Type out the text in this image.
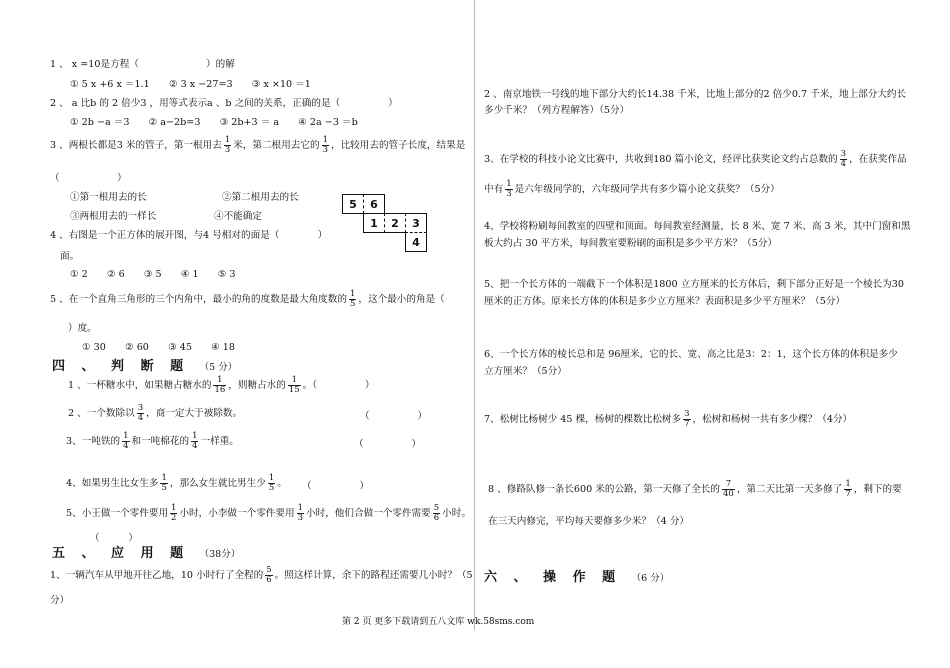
1 、 x =10是方程（　　　　　　　）的解
① 5 x +6 x ＝1.1　　② 3 x −27=3　　③ x ×10 ＝1
2 、 a 比b 的 2 倍少3 ，用等式表示a 、b 之间的关系，正确的是（　　　　　）
① 2b −a ＝3　　② a−2b=3　　③ 2b+3 ＝ a　　④ 2a −3 ＝b
3 、两根长都是3 米的管子，第一根用去 $\frac{1}{3}$ 米，第二根用去它的 $\frac{1}{3}$ ，比较用去的管子长度，结果是
（　　　　　　）
①第一根用去的长	②第二根用去的长
③两根用去的一样长	④不能确定
4 、右图是一个正方体的展开图，与4 号相对的面是（　　　　）
面。
① 2　　② 6　　③ 5　　④ 1　　⑤ 3
5	6
1	2	3
4
5 、在一个直角三角形的三个内角中，最小的角的度数是最大角度数的 $\frac{1}{5}$ ，这个最小的角是（
）度。
① 30　　② 60　　③ 45　　④ 18
四 、 判 断 题 （5 分）
1 、一杯糖水中，如果糖占糖水的 $\frac{1}{16}$ ，则糖占水的 $\frac{1}{15}$ 。（　　　　　）
2 、一个数除以 $\frac{3}{4}$ ，商一定大于被除数。	（　　　　　）
3、一吨铁的 $\frac{1}{4}$ 和一吨棉花的 $\frac{1}{4}$ 一样重。	（　　　　　）
4、如果男生比女生多 $\frac{1}{5}$ ，那么女生就比男生少 $\frac{1}{5}$ 。 （　　　　　）
5、小王做一个零件要用 $\frac{1}{2}$ 小时，小李做一个零件要用 $\frac{1}{3}$ 小时，他们合做一个零件需要 $\frac{5}{6}$ 小时。
（　　　）
五 、 应 用 题 （38分）
1、一辆汽车从甲地开往乙地，10 小时行了全程的 $\frac{5}{6}$ 。照这样计算，余下的路程还需要几小时？（5
分）
2 、南京地铁一号线的地下部分大约长14.38 千米，比地上部分的2 倍少0.7 千米，地上部分大约长
多少千米？（列方程解答）（5分）
3、在学校的科技小论文比赛中，共收到180 篇小论文，经评比获奖论文约占总数的 $\frac{3}{4}$ ，在获奖作品
中有 $\frac{1}{3}$ 是六年级同学的，六年级同学共有多少篇小论文获奖？（5分）
4、学校将粉刷每间教室的四壁和顶面。每间教室经测量，长 8 米、宽 7 米、高 3 米，其中门窗和黑
板大约占 30 平方米，每间教室要粉刷的面积是多少平方米？（5分）
5、把一个长方体的一端截下一个体积是1800 立方厘米的长方体后，剩下部分正好是一个棱长为30
厘米的正方体。原来长方体的体积是多少立方厘米？表面积是多少平方厘米？（5分）
6、一个长方体的棱长总和是 96厘米，它的长、宽、高之比是3：2：1，这个长方体的体积是多少
立方厘米？（5分）
7、松树比杨树少 45 棵，杨树的棵数比松树多 $\frac{3}{7}$ ，松树和杨树一共有多少棵？（4分）
8 、修路队修一条长600 米的公路，第一天修了全长的 $\frac{7}{40}$ ，第二天比第一天多修了 $\frac{1}{7}$ ，剩下的要
在三天内修完，平均每天要修多少米？（4 分）
六 、 操 作 题 （6 分）
第 2 页 更多下载请到五八文库 wk.58sms.com
